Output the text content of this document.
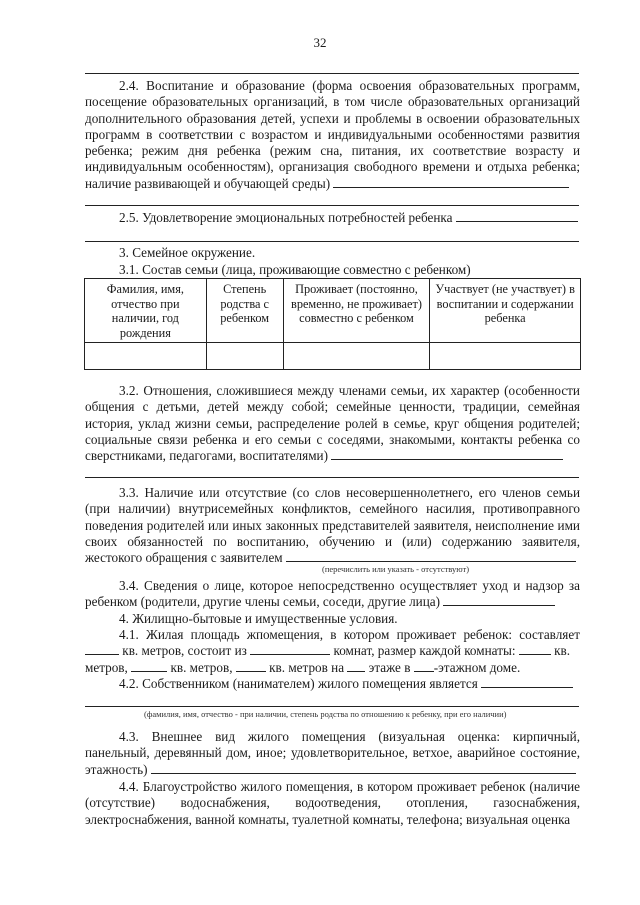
32
2.4. Воспитание и образование (форма освоения образовательных программ, посещение образовательных организаций, в том числе образовательных организаций дополнительного образования детей, успехи и проблемы в освоении образовательных программ в соответствии с возрастом и индивидуальными особенностями развития ребенка; режим дня ребенка (режим сна, питания, их соответствие возрасту и индивидуальным особенностям), организация свободного времени и отдыха ребенка; наличие развивающей и обучающей среды)
2.5. Удовлетворение эмоциональных потребностей ребенка
3. Семейное окружение.
3.1. Состав семьи (лица, проживающие совместно с ребенком)
Фамилия, имя, отчество при наличии, год рождения	Степень родства с ребенком	Проживает (постоянно, временно, не проживает) совместно с ребенком	Участвует (не участвует) в воспитании и содержании ребенка

3.2. Отношения, сложившиеся между членами семьи, их характер (особенности общения с детьми, детей между собой; семейные ценности, традиции, семейная история, уклад жизни семьи, распределение ролей в семье, круг общения родителей; социальные связи ребенка и его семьи с соседями, знакомыми, контакты ребенка со сверстниками, педагогами, воспитателями)
3.3. Наличие или отсутствие (со слов несовершеннолетнего, его членов семьи (при наличии) внутрисемейных конфликтов, семейного насилия, противоправного поведения родителей или иных законных представителей заявителя, неисполнение ими своих обязанностей по воспитанию, обучению и (или) содержанию заявителя, жестокого обращения с заявителем
(перечислить или указать - отсутствуют)
3.4. Сведения о лице, которое непосредственно осуществляет уход и надзор за ребенком (родители, другие члены семьи, соседи, другие лица)
4. Жилищно-бытовые и имущественные условия.
4.1. Жилая площадь жпомещения, в котором проживает ребенок: составляет
кв. метров, состоит из	комнат, размер каждой комнаты:	кв.
метров,	кв. метров,	кв. метров на этаже в -этажном доме.
4.2. Собственником (нанимателем) жилого помещения является
(фамилия, имя, отчество - при наличии, степень родства по отношению к ребенку, при его наличии)
4.3. Внешнее вид жилого помещения (визуальная оценка: кирпичный, панельный, деревянный дом, иное; удовлетворительное, ветхое, аварийное состояние, этажность)
4.4. Благоустройство жилого помещения, в котором проживает ребенок (наличие (отсутствие) водоснабжения, водоотведения, отопления, газоснабжения, электроснабжения, ванной комнаты, туалетной комнаты, телефона; визуальная оценка
